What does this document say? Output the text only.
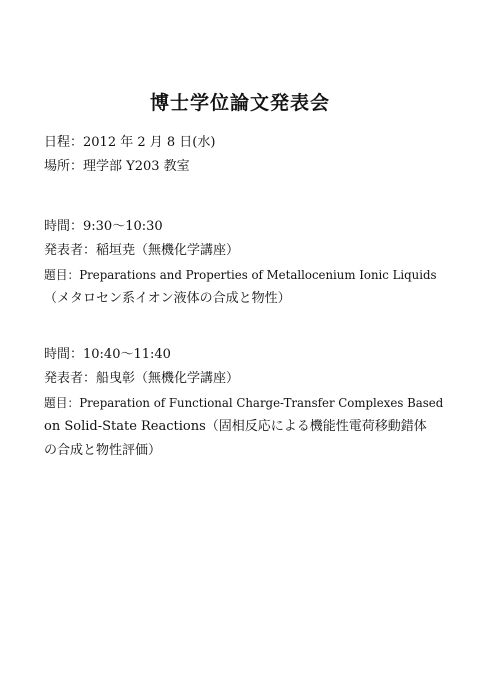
博士学位論文発表会
日程：2012 年 2 月 8 日(水)
場所：理学部 Y203 教室
時間：9:30〜10:30
発表者：稲垣尭（無機化学講座）
題目：Preparations and Properties of Metallocenium Ionic Liquids
（メタロセン系イオン液体の合成と物性）
時間：10:40〜11:40
発表者：船曳彰（無機化学講座）
題目：Preparation of Functional Charge-Transfer Complexes Based
on Solid-State Reactions（固相反応による機能性電荷移動錯体
の合成と物性評価）
